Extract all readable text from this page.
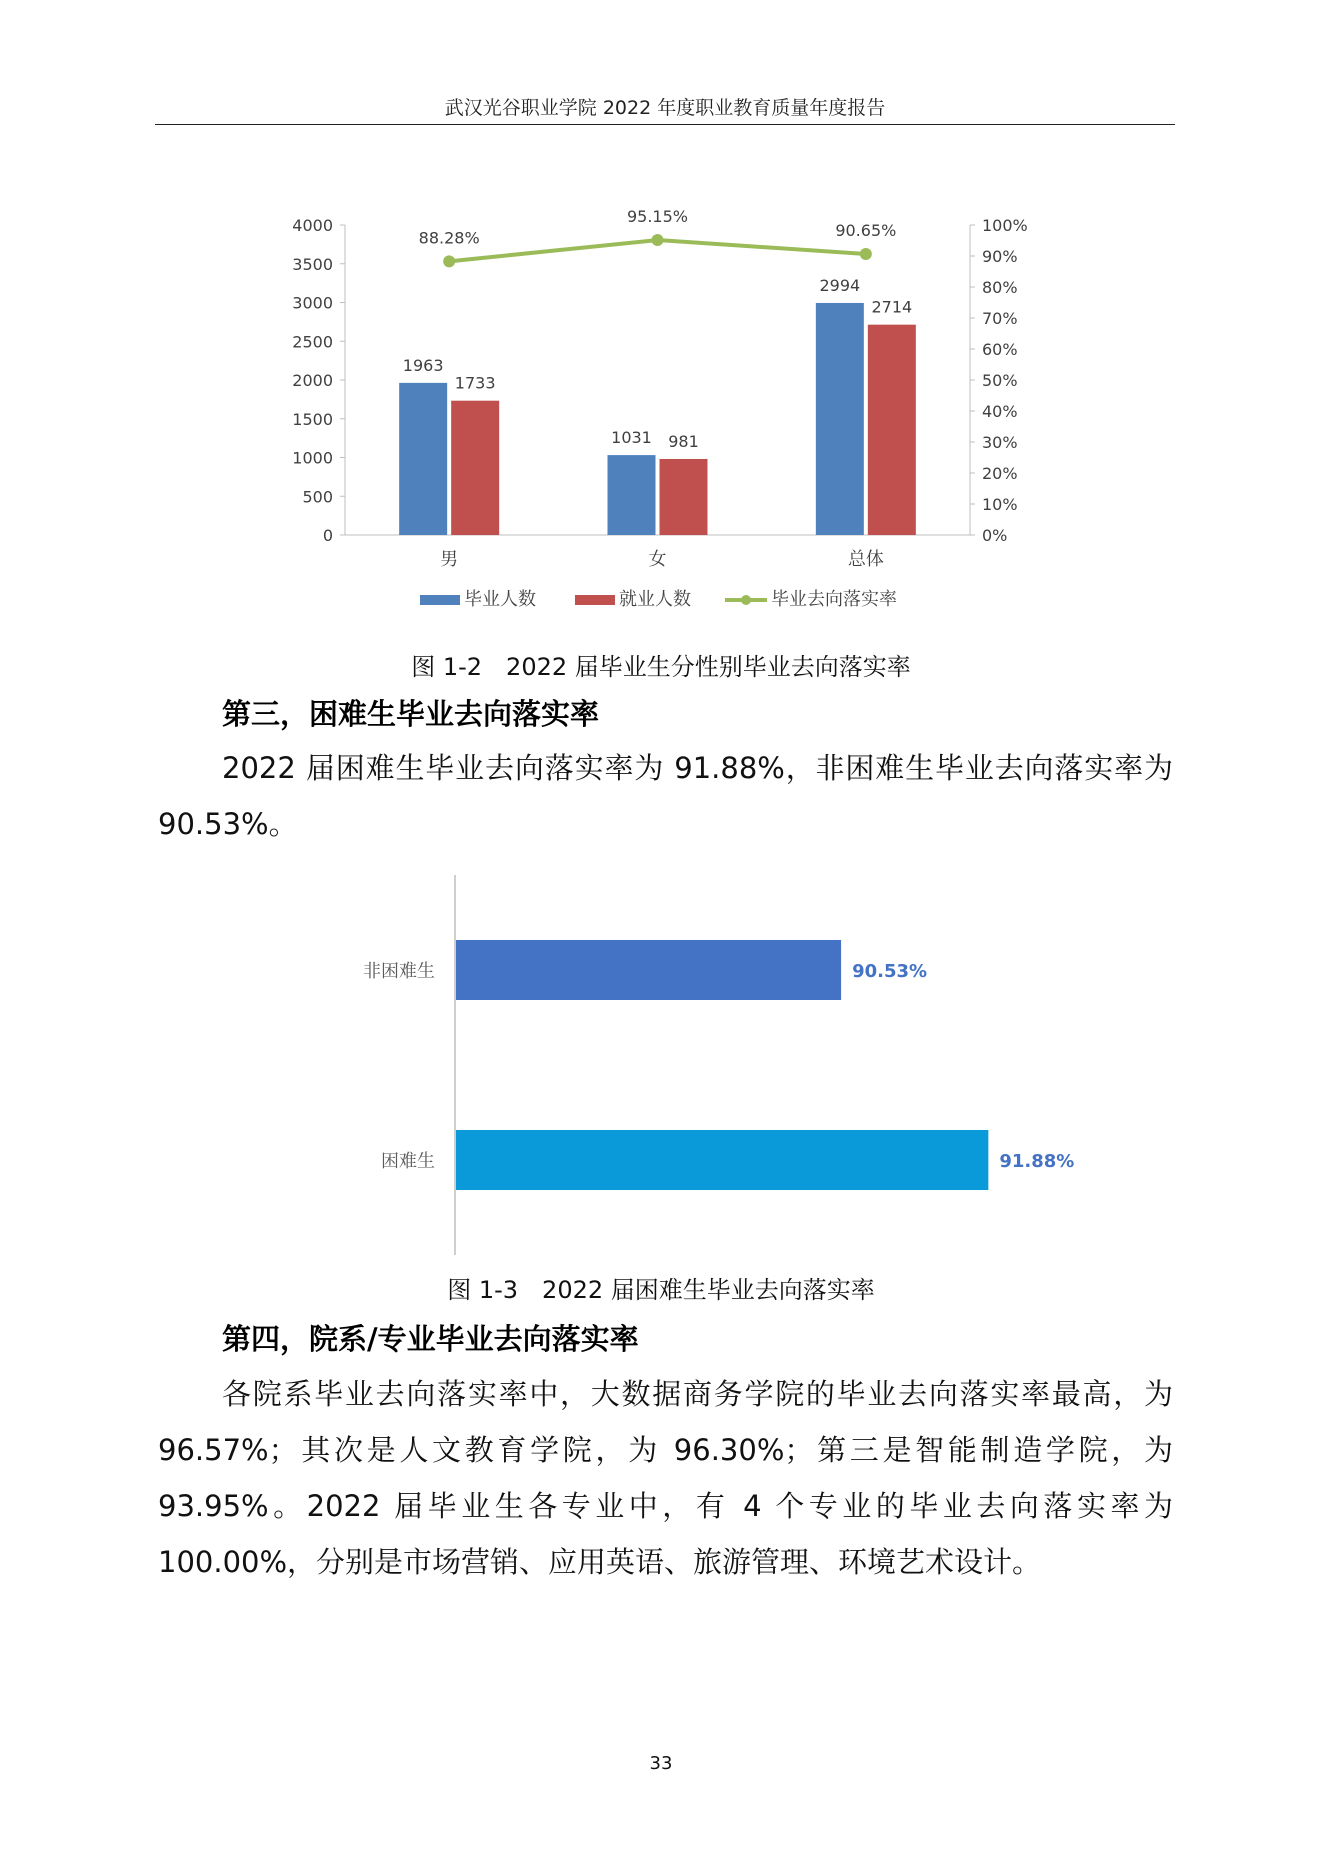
武汉光谷职业学院 2022 年度职业教育质量年度报告
0
500
1000
1500
2000
2500
3000
3500
4000
0%
10%
20%
30%
40%
50%
60%
70%
80%
90%
100%
男	女	总体
1963
1031
2994
1733
981
2714
88.28%
95.15%
90.65%
毕业人数	就业人数	毕业去向落实率
图 1-2　2022 届毕业生分性别毕业去向落实率
第三，困难生毕业去向落实率
2022 届困难生毕业去向落实率为 91.88%，非困难生毕业去向落实率为 90.53%。
非困难生
困难生
90.53%
91.88%
图 1-3　2022 届困难生毕业去向落实率
第四，院系/专业毕业去向落实率
各院系毕业去向落实率中，大数据商务学院的毕业去向落实率最高，为 96.57%；其次是人文教育学院，为 96.30%；第三是智能制造学院，为 93.95%。2022 届毕业生各专业中，有 4 个专业的毕业去向落实率为 100.00%，分别是市场营销、应用英语、旅游管理、环境艺术设计。
33
